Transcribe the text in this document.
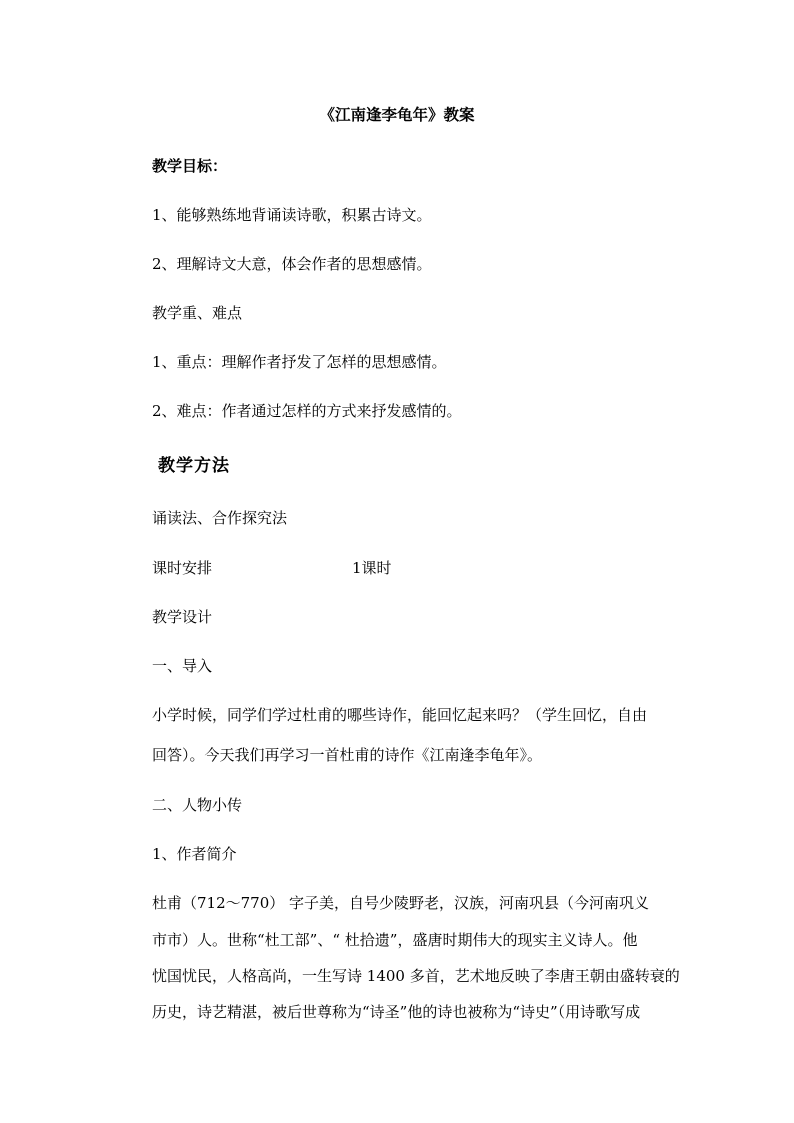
《江南逢李龟年》教案
教学目标：
1、能够熟练地背诵读诗歌，积累古诗文。
2、理解诗文大意，体会作者的思想感情。
教学重、难点
1、重点：理解作者抒发了怎样的思想感情。
2、难点：作者通过怎样的方式来抒发感情的。
教学方法
诵读法、合作探究法
课时安排	1课时
教学设计
一、导入
小学时候，同学们学过杜甫的哪些诗作，能回忆起来吗？（学生回忆，自由
回答）。今天我们再学习一首杜甫的诗作《江南逢李龟年》。
二、人物小传
1、作者简介
杜甫（712～770） 字子美，自号少陵野老，汉族，河南巩县（今河南巩义
市市）人。世称“杜工部”、“ 杜拾遗”，盛唐时期伟大的现实主义诗人。他
忧国忧民，人格高尚，一生写诗 1400 多首，艺术地反映了李唐王朝由盛转衰的
历史，诗艺精湛，被后世尊称为“诗圣”他的诗也被称为“诗史”（用诗歌写成
